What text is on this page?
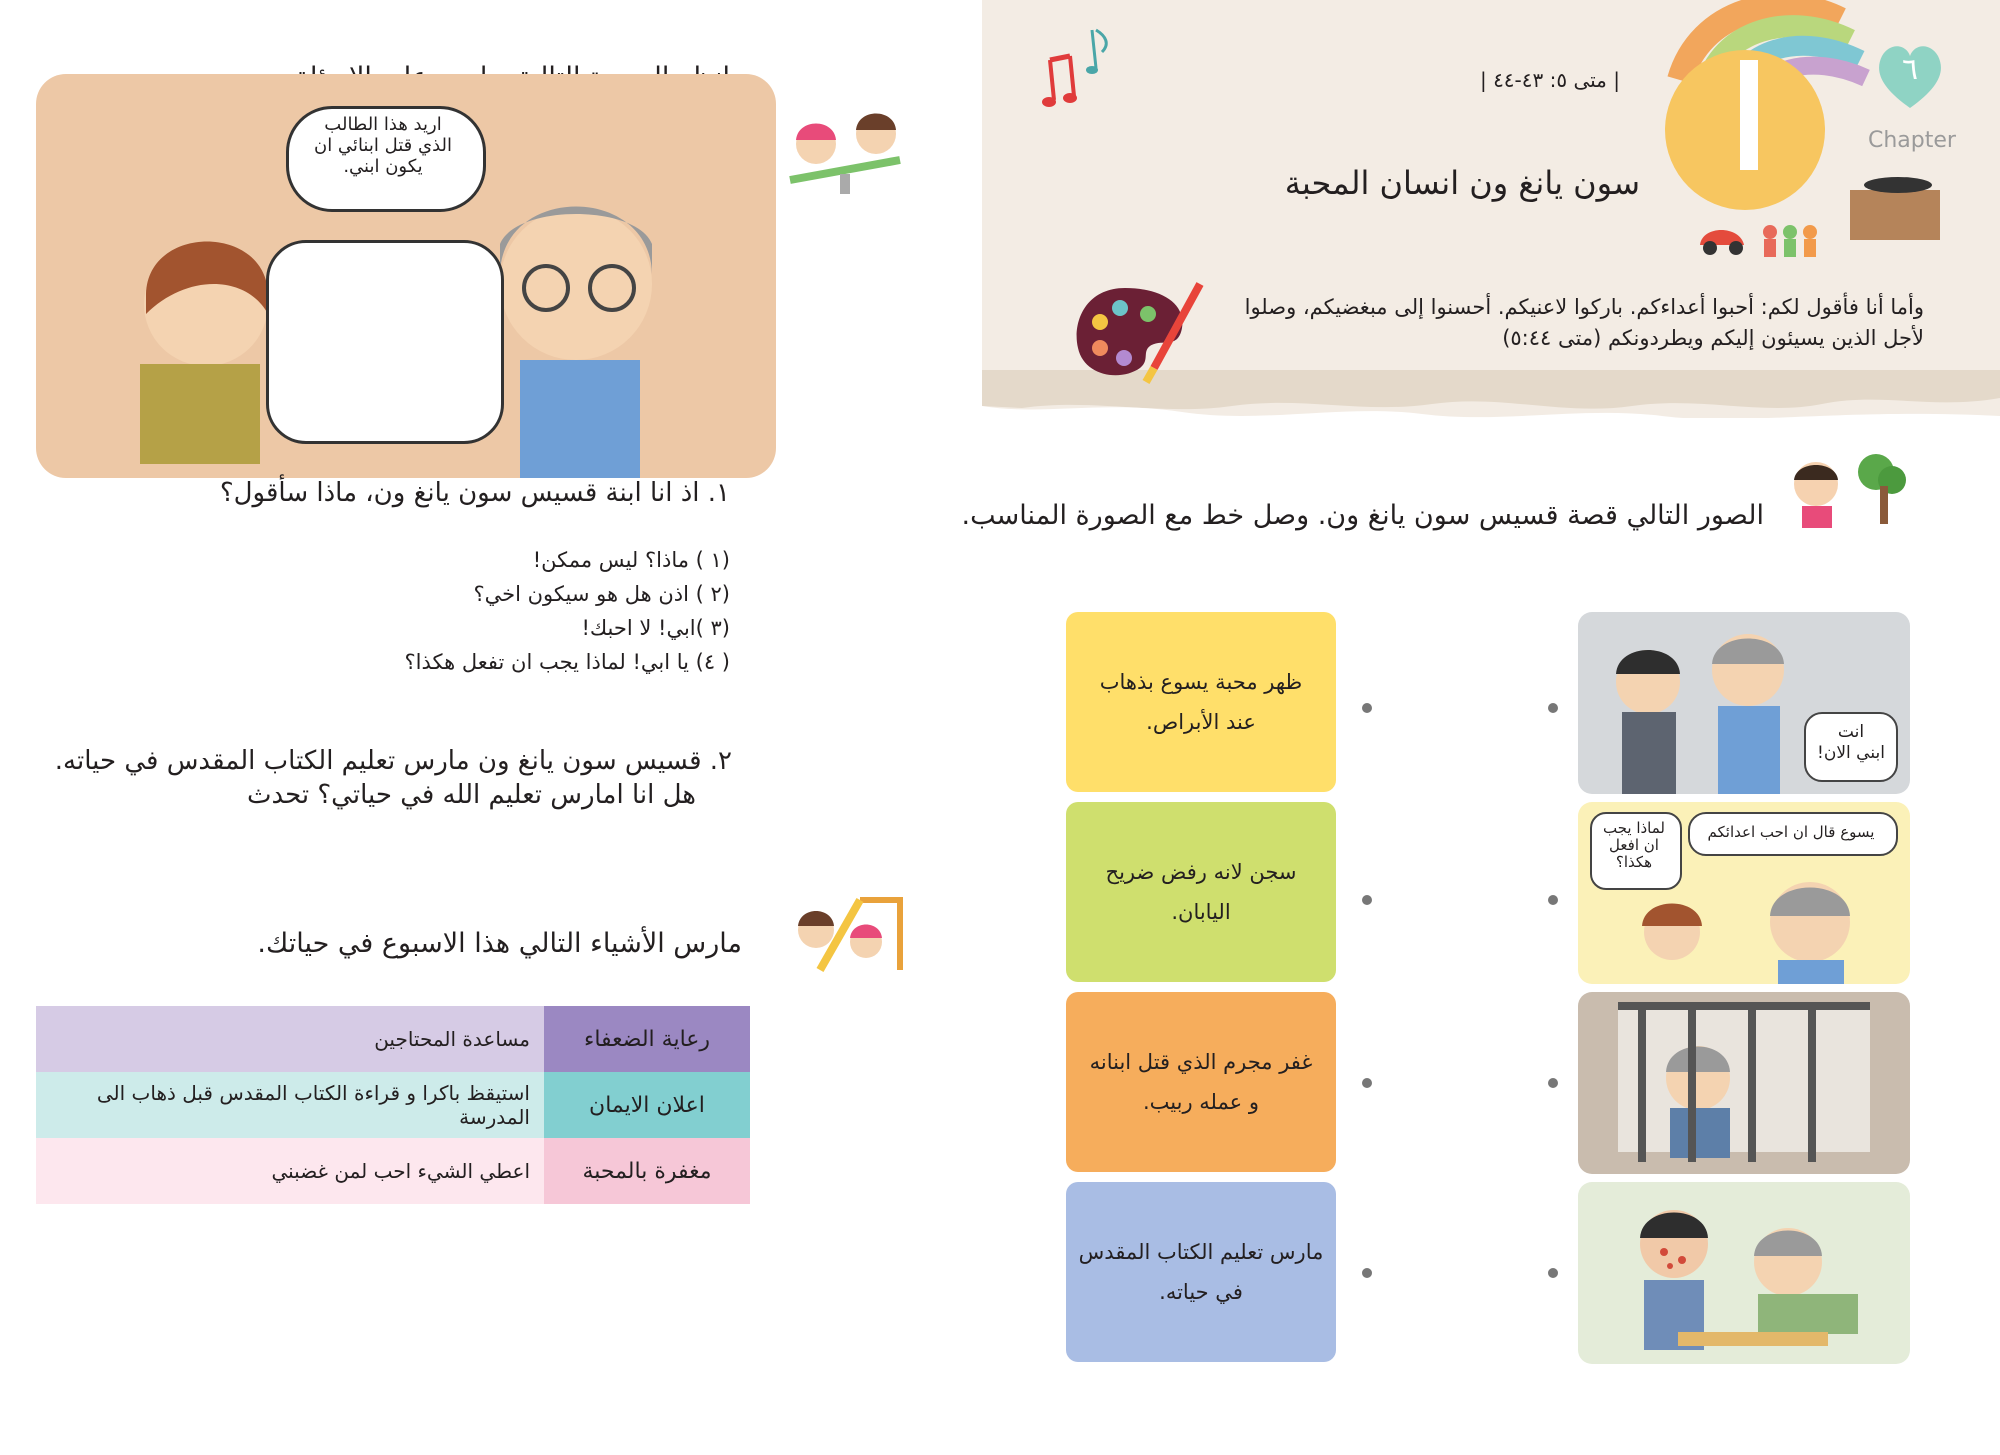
| متى ٥: ٤٣-٤٤ |	٦
Chapter
سون يانغ ون انسان المحبة
وأما أنا فأقول لكم: أحبوا أعداءكم. باركوا لاعنيكم. أحسنوا إلى مبغضيكم، وصلوا
لأجل الذين يسيئون إليكم ويطردونكم (متى ٥:٤٤)
الصور التالي قصة قسيس سون يانغ ون. وصل خط مع الصورة المناسب.
انت
ابني الان!
يسوع قال ان احب اعدائكم
لماذا يجب
ان افعل
هكذا؟
ظهر محبة يسوع بذهاب
عند الأبراص.
سجن لانه رفض ضريح
اليابان.
غفر مجرم الذي قتل ابنانه
و عمله ربيب.
مارس تعليم الكتاب المقدس
في حياته.
اريد هذا الطالب
الذي قتل ابنائي ان
يكون ابني.
١. اذ انا ابنة قسيس سون يانغ ون، ماذا سأقول؟
(١ ) ماذا؟ ليس ممكن!
(٢ ) اذن هل هو سيكون اخي؟
(٣ )ابي! لا احبك!
( ٤) يا ابي! لماذا يجب ان تفعل هكذا؟
٢. قسيس سون يانغ ون مارس تعليم الكتاب المقدس في حياته.
هل انا امارس تعليم الله في حياتي؟ تحدث
مارس الأشياء التالي هذا الاسبوع في حياتك.
رعاية الضعفاء	مساعدة المحتاجين
اعلان الايمان	استيقظ باكرا و قراءة الكتاب المقدس قبل ذهاب الى المدرسة
مغفرة بالمحبة	اعطي الشيء احب لمن غضبني
